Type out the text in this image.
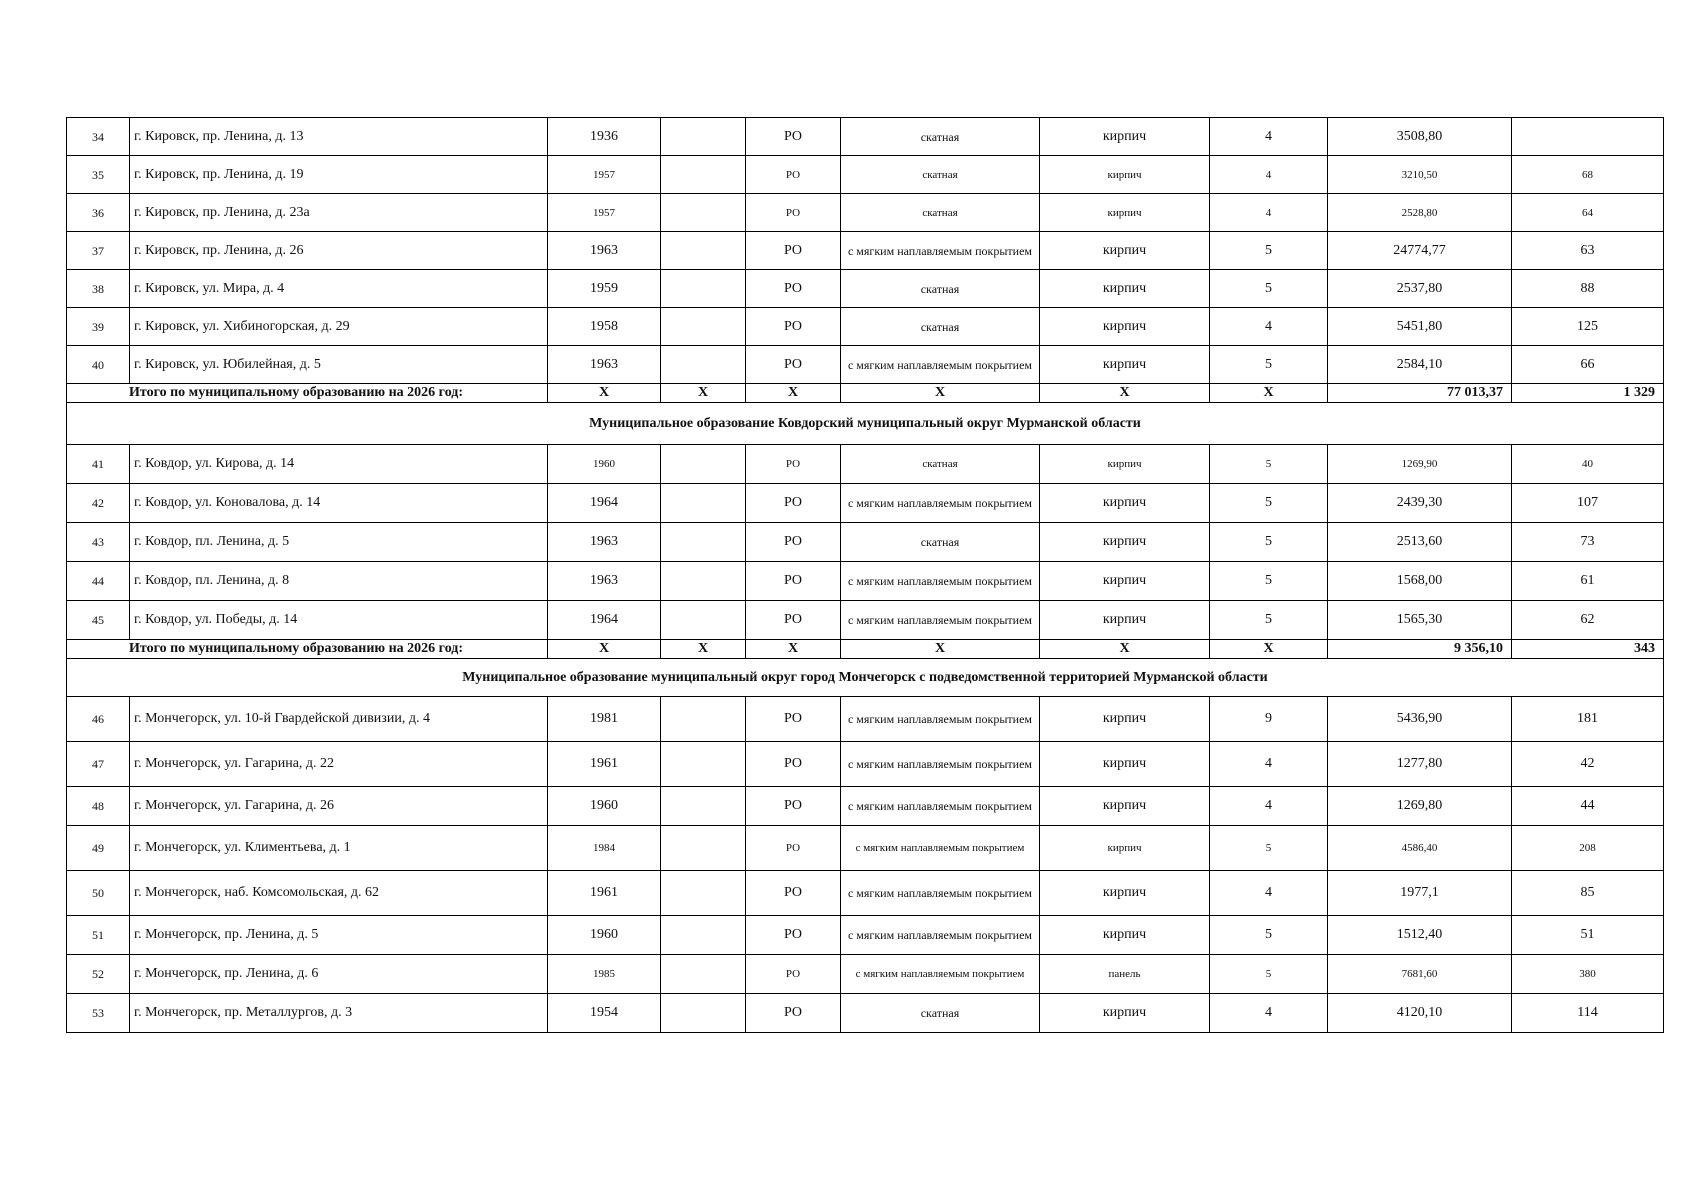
34	г. Кировск, пр. Ленина, д. 13	1936		РО	скатная	кирпич	4	3508,80	
35	г. Кировск, пр. Ленина, д. 19	1957		РО	скатная	кирпич	4	3210,50	68
36	г. Кировск, пр. Ленина, д. 23а	1957		РО	скатная	кирпич	4	2528,80	64
37	г. Кировск, пр. Ленина, д. 26	1963		РО	с мягким наплавляемым покрытием	кирпич	5	24774,77	63
38	г. Кировск, ул. Мира, д. 4	1959		РО	скатная	кирпич	5	2537,80	88
39	г. Кировск, ул. Хибиногорская, д. 29	1958		РО	скатная	кирпич	4	5451,80	125
40	г. Кировск, ул. Юбилейная, д. 5	1963		РО	с мягким наплавляемым покрытием	кирпич	5	2584,10	66
Итого по муниципальному образованию на 2026 год:		X	X	X	X	X	X	77 013,37	1 329
Муниципальное образование Ковдорский муниципальный округ Мурманской области									
41	г. Ковдор, ул. Кирова, д. 14	1960		РО	скатная	кирпич	5	1269,90	40
42	г. Ковдор, ул. Коновалова, д. 14	1964		РО	с мягким наплавляемым покрытием	кирпич	5	2439,30	107
43	г. Ковдор, пл. Ленина, д. 5	1963		РО	скатная	кирпич	5	2513,60	73
44	г. Ковдор, пл. Ленина, д. 8	1963		РО	с мягким наплавляемым покрытием	кирпич	5	1568,00	61
45	г. Ковдор, ул. Победы, д. 14	1964		РО	с мягким наплавляемым покрытием	кирпич	5	1565,30	62
Итого по муниципальному образованию на 2026 год:		X	X	X	X	X	X	9 356,10	343
Муниципальное образование муниципальный округ город Мончегорск с подведомственной территорией Мурманской области									
46	г. Мончегорск, ул. 10-й Гвардейской дивизии, д. 4	1981		РО	с мягким наплавляемым покрытием	кирпич	9	5436,90	181
47	г. Мончегорск, ул. Гагарина, д. 22	1961		РО	с мягким наплавляемым покрытием	кирпич	4	1277,80	42
48	г. Мончегорск, ул. Гагарина, д. 26	1960		РО	с мягким наплавляемым покрытием	кирпич	4	1269,80	44
49	г. Мончегорск, ул. Климентьева, д. 1	1984		РО	с мягким наплавляемым покрытием	кирпич	5	4586,40	208
50	г. Мончегорск, наб. Комсомольская, д. 62	1961		РО	с мягким наплавляемым покрытием	кирпич	4	1977,1	85
51	г. Мончегорск, пр. Ленина, д. 5	1960		РО	с мягким наплавляемым покрытием	кирпич	5	1512,40	51
52	г. Мончегорск, пр. Ленина, д. 6	1985		РО	с мягким наплавляемым покрытием	панель	5	7681,60	380
53	г. Мончегорск, пр. Металлургов, д. 3	1954		РО	скатная	кирпич	4	4120,10	114
